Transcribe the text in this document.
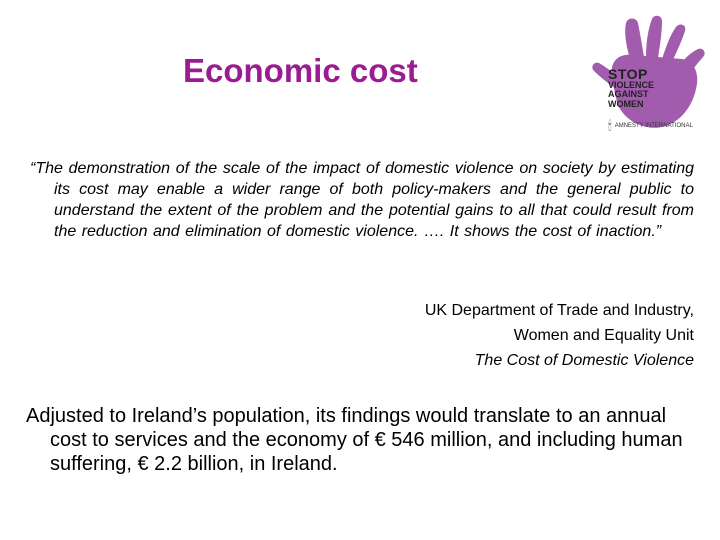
Economic cost	STOP
VIOLENCE
AGAINST
WOMEN
🕯 AMNESTY INTERNATIONAL
“The demonstration of the scale of the impact of domestic violence on society by estimating its cost may enable a wider range of both policy-makers and the general public to understand the extent of the problem and the potential gains to all that could result from the reduction and elimination of domestic violence. …. It shows the cost of inaction.”
UK Department of Trade and Industry,
Women and Equality Unit
The Cost of Domestic Violence
Adjusted to Ireland’s population, its findings would translate to an annual cost to services and the economy of € 546 million, and including human suffering, € 2.2 billion, in Ireland.
